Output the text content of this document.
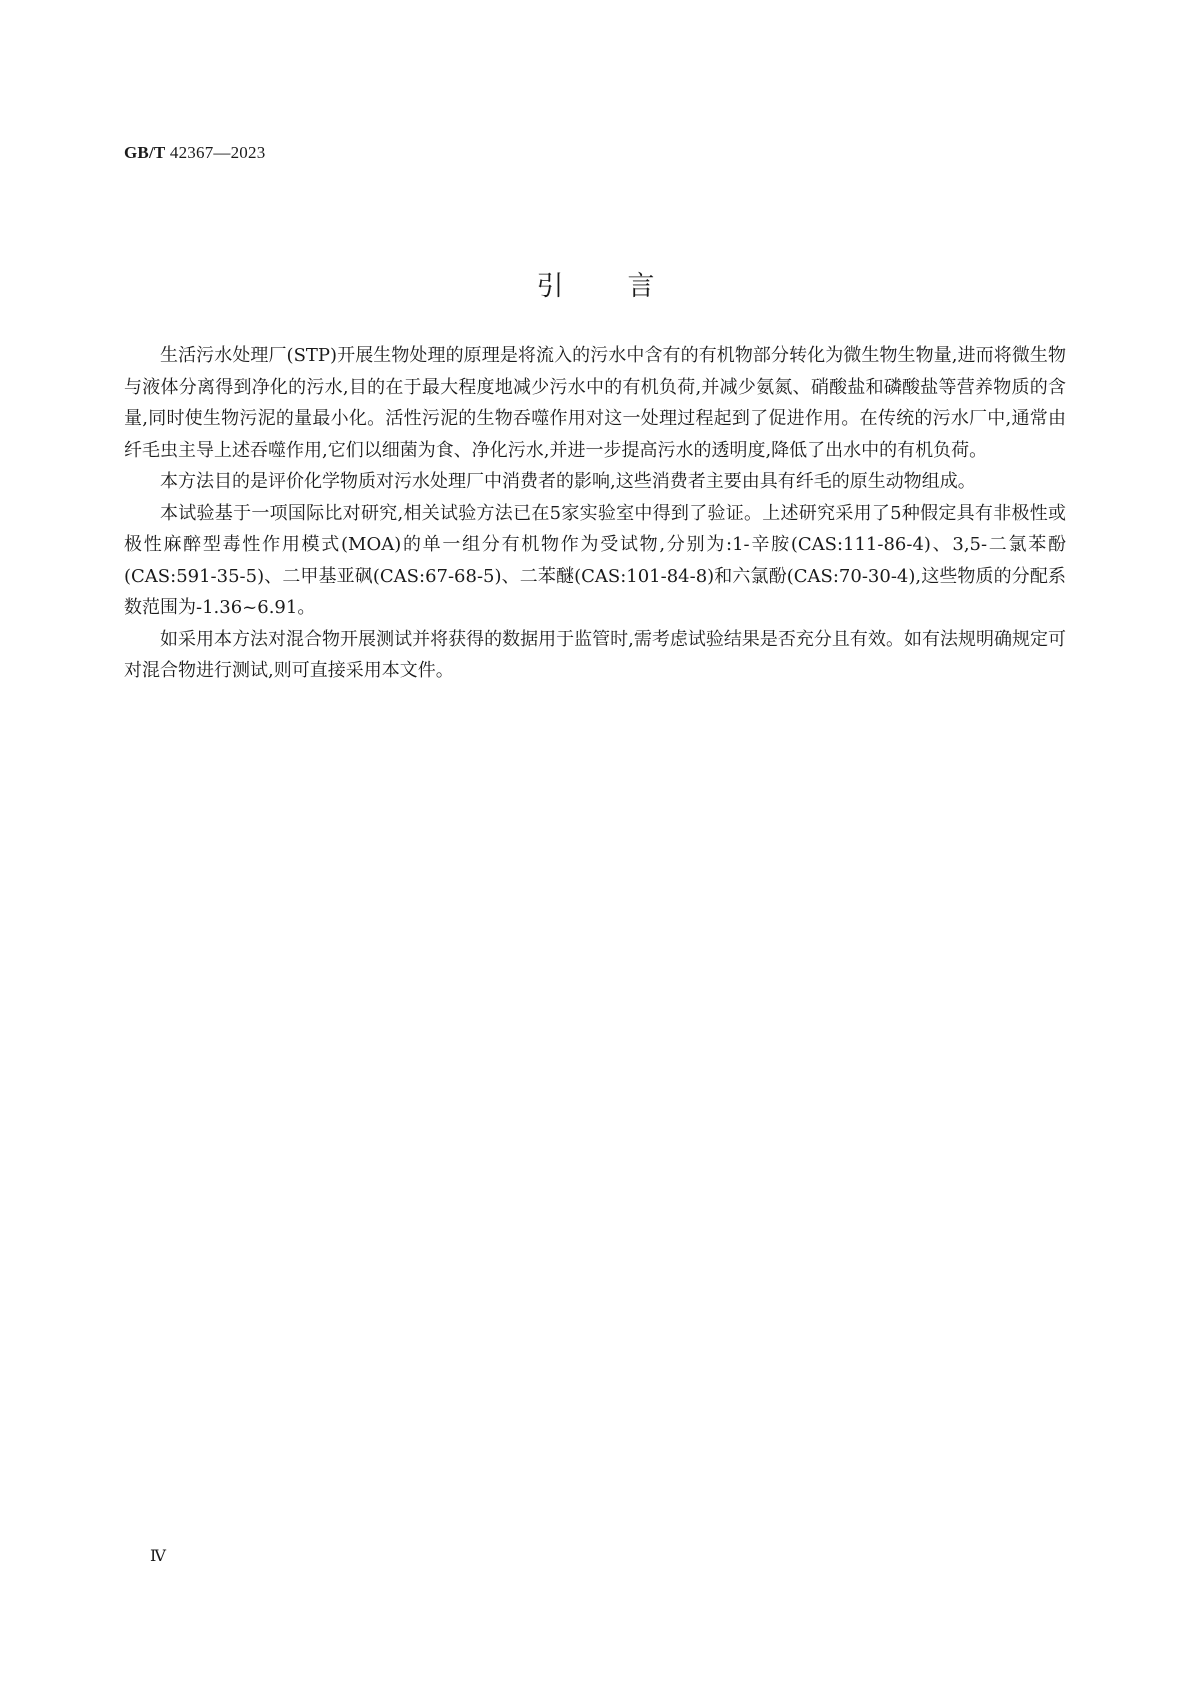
GB/T 42367—2023
引言

生活污水处理厂(STP)开展生物处理的原理是将流入的污水中含有的有机物部分转化为微生物生物量,进而将微生物与液体分离得到净化的污水,目的在于最大程度地减少污水中的有机负荷,并减少氨氮、硝酸盐和磷酸盐等营养物质的含量,同时使生物污泥的量最小化。活性污泥的生物吞噬作用对这一处理过程起到了促进作用。在传统的污水厂中,通常由纤毛虫主导上述吞噬作用,它们以细菌为食、净化污水,并进一步提高污水的透明度,降低了出水中的有机负荷。

本方法目的是评价化学物质对污水处理厂中消费者的影响,这些消费者主要由具有纤毛的原生动物组成。

本试验基于一项国际比对研究,相关试验方法已在5家实验室中得到了验证。上述研究采用了5种假定具有非极性或极性麻醉型毒性作用模式(MOA)的单一组分有机物作为受试物,分别为:1-辛胺(CAS:111-86-4)、3,5-二氯苯酚(CAS:591-35-5)、二甲基亚砜(CAS:67-68-5)、二苯醚(CAS:101-84-8)和六氯酚(CAS:70-30-4),这些物质的分配系数范围为-1.36~6.91。

如采用本方法对混合物开展测试并将获得的数据用于监管时,需考虑试验结果是否充分且有效。如有法规明确规定可对混合物进行测试,则可直接采用本文件。

Ⅳ
